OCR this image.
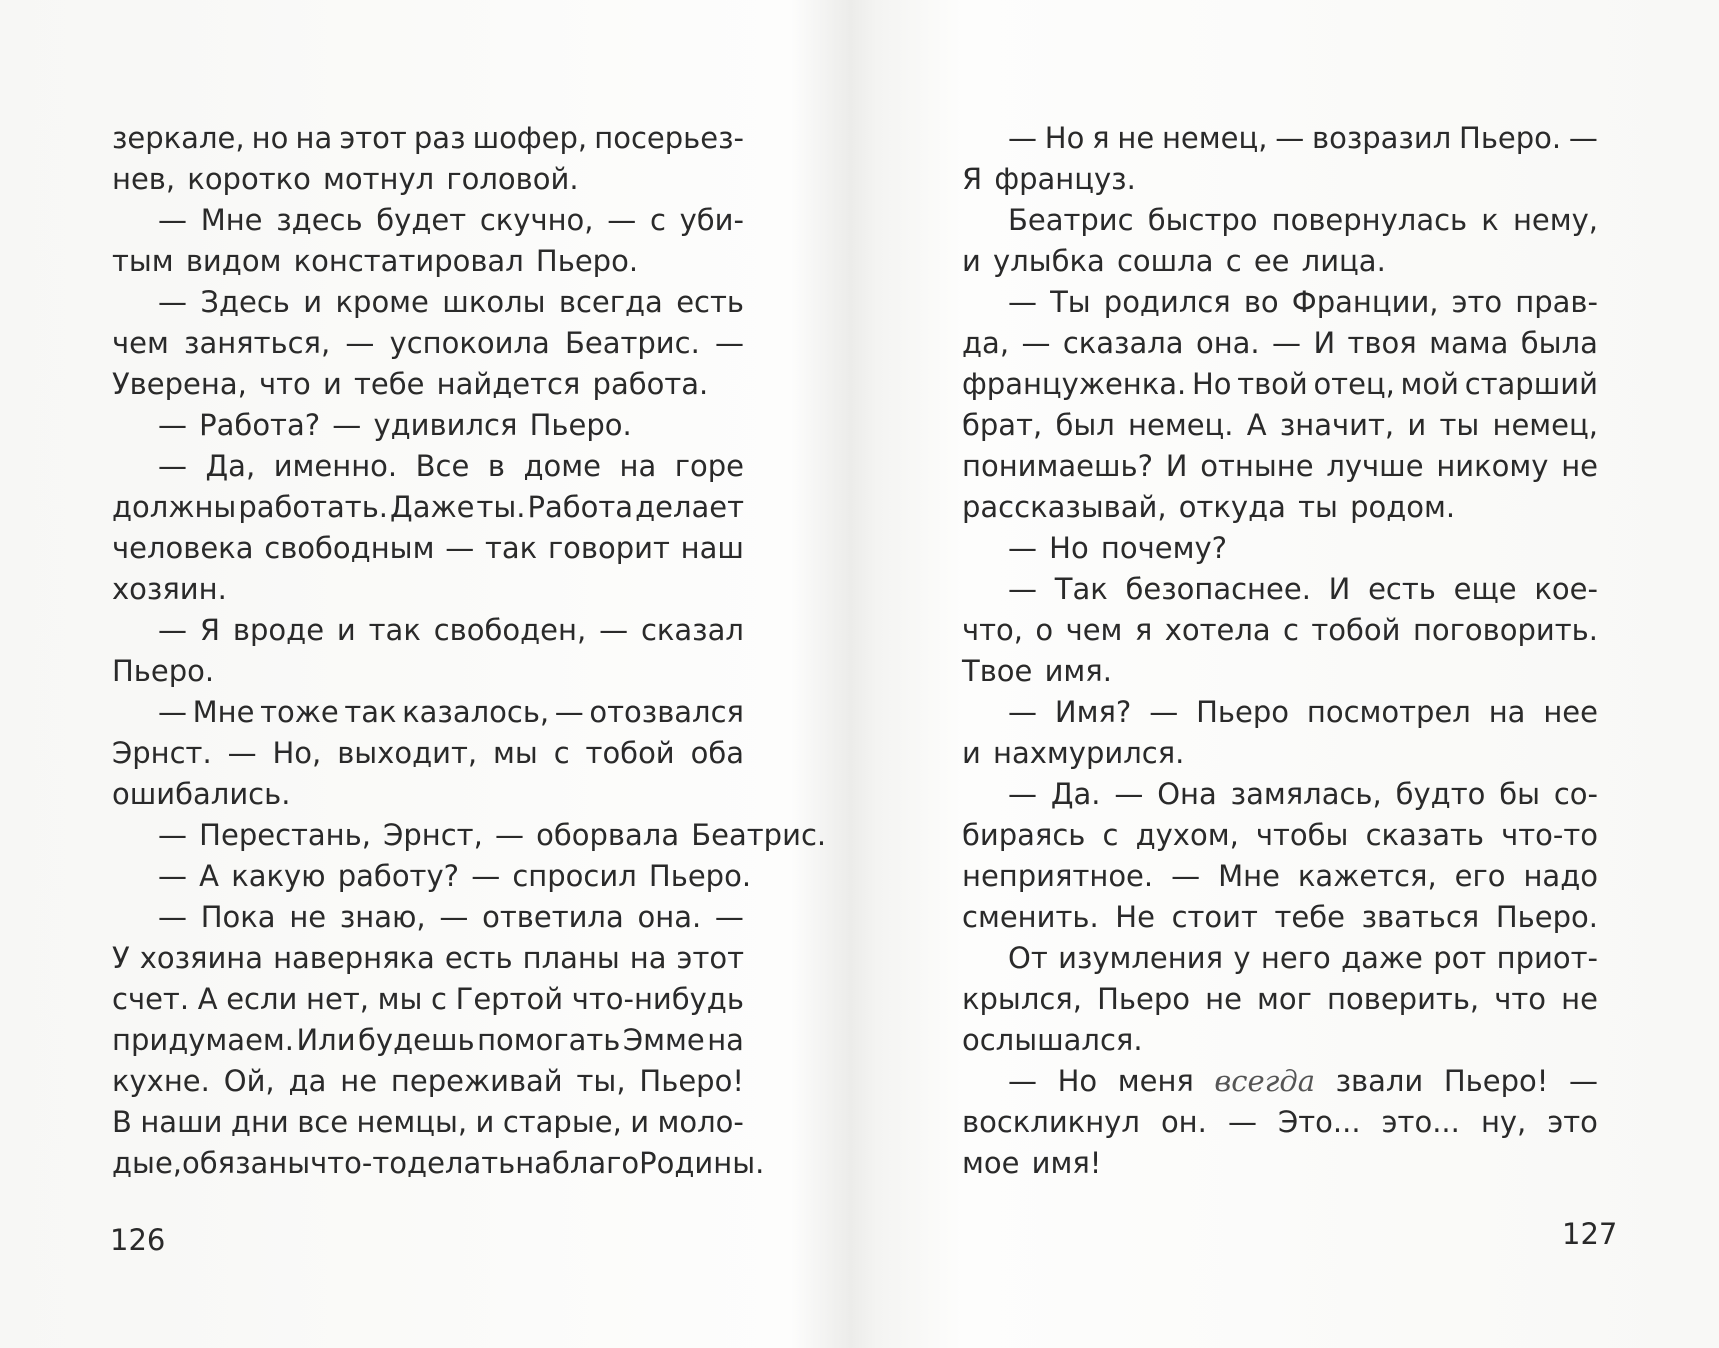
зеркале, но на этот раз шофер, посерьез-
нев, коротко мотнул головой.
— Мне здесь будет скучно, — с уби-
тым видом констатировал Пьеро.
— Здесь и кроме школы всегда есть
чем заняться, — успокоила Беатрис. —
Уверена, что и тебе найдется работа.
— Работа? — удивился Пьеро.
— Да, именно. Все в доме на горе
должны работать. Даже ты. Работа делает
человека свободным — так говорит наш
хозяин.
— Я вроде и так свободен, — сказал
Пьеро.
— Мне тоже так казалось, — отозвался
Эрнст. — Но, выходит, мы с тобой оба
ошибались.
— Перестань, Эрнст, — оборвала Беатрис.
— А какую работу? — спросил Пьеро.
— Пока не знаю, — ответила она. —
У хозяина наверняка есть планы на этот
счет. А если нет, мы с Гертой что-нибудь
придумаем. Или будешь помогать Эмме на
кухне. Ой, да не переживай ты, Пьеро!
В наши дни все немцы, и старые, и моло-
дые, обязаны что-то делать на благо Родины.
— Но я не немец, — возразил Пьеро. —
Я француз.
Беатрис быстро повернулась к нему,
и улыбка сошла с ее лица.
— Ты родился во Франции, это прав-
да, — сказала она. — И твоя мама была
француженка. Но твой отец, мой старший
брат, был немец. А значит, и ты немец,
понимаешь? И отныне лучше никому не
рассказывай, откуда ты родом.
— Но почему?
— Так безопаснее. И есть еще кое-
что, о чем я хотела с тобой поговорить.
Твое имя.
— Имя? — Пьеро посмотрел на нее
и нахмурился.
— Да. — Она замялась, будто бы со-
бираясь с духом, чтобы сказать что-то
неприятное. — Мне кажется, его надо
сменить. Не стоит тебе зваться Пьеро.
От изумления у него даже рот приот-
крылся, Пьеро не мог поверить, что не
ослышался.
— Но меня всегда звали Пьеро! —
воскликнул он. — Это... это... ну, это
мое имя!
126	127
